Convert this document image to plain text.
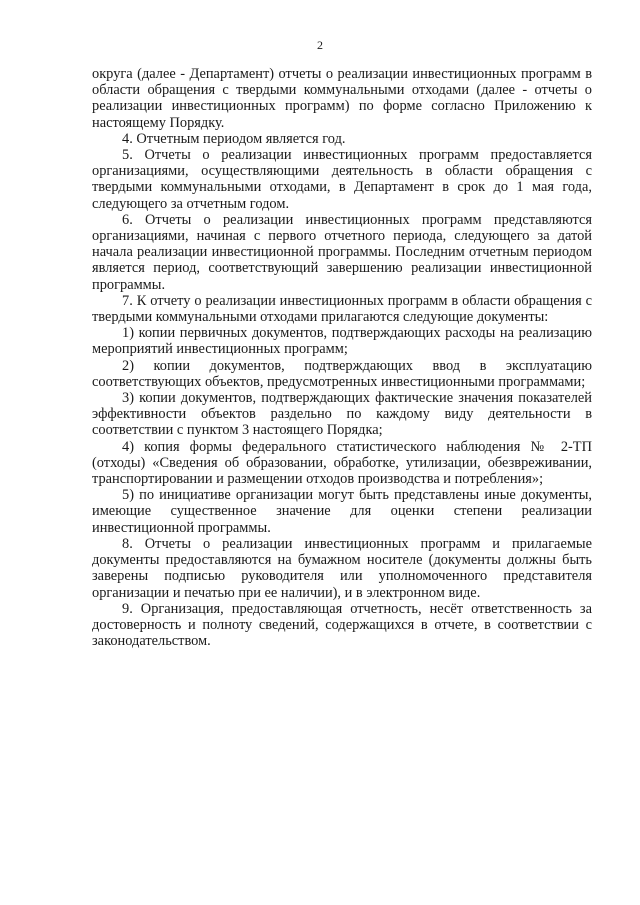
2

округа (далее - Департамент) отчеты о реализации инвестиционных программ в области обращения с твердыми коммунальными отходами (далее - отчеты о реализации инвестиционных программ) по форме согласно Приложению к настоящему Порядку.

4. Отчетным периодом является год.

5. Отчеты о реализации инвестиционных программ предоставляется организациями, осуществляющими деятельность в области обращения с твердыми коммунальными отходами, в Департамент в срок до 1 мая года, следующего за отчетным годом.

6. Отчеты о реализации инвестиционных программ представляются организациями, начиная с первого отчетного периода, следующего за датой начала реализации инвестиционной программы. Последним отчетным периодом является период, соответствующий завершению реализации инвестиционной программы.

7. К отчету о реализации инвестиционных программ в области обращения с твердыми коммунальными отходами прилагаются следующие документы:

1) копии первичных документов, подтверждающих расходы на реализацию мероприятий инвестиционных программ;

2) копии документов, подтверждающих ввод в эксплуатацию соответствующих объектов, предусмотренных инвестиционными программами;

3) копии документов, подтверждающих фактические значения показателей эффективности объектов раздельно по каждому виду деятельности в соответствии с пунктом 3 настоящего Порядка;

4) копия формы федерального статистического наблюдения № 2-ТП (отходы) «Сведения об образовании, обработке, утилизации, обезвреживании, транспортировании и размещении отходов производства и потребления»;

5) по инициативе организации могут быть представлены иные документы, имеющие существенное значение для оценки степени реализации инвестиционной программы.

8. Отчеты о реализации инвестиционных программ и прилагаемые документы предоставляются на бумажном носителе (документы должны быть заверены подписью руководителя или уполномоченного представителя организации и печатью при ее наличии), и в электронном виде.

9. Организация, предоставляющая отчетность, несёт ответственность за достоверность и полноту сведений, содержащихся в отчете, в соответствии с законодательством.
